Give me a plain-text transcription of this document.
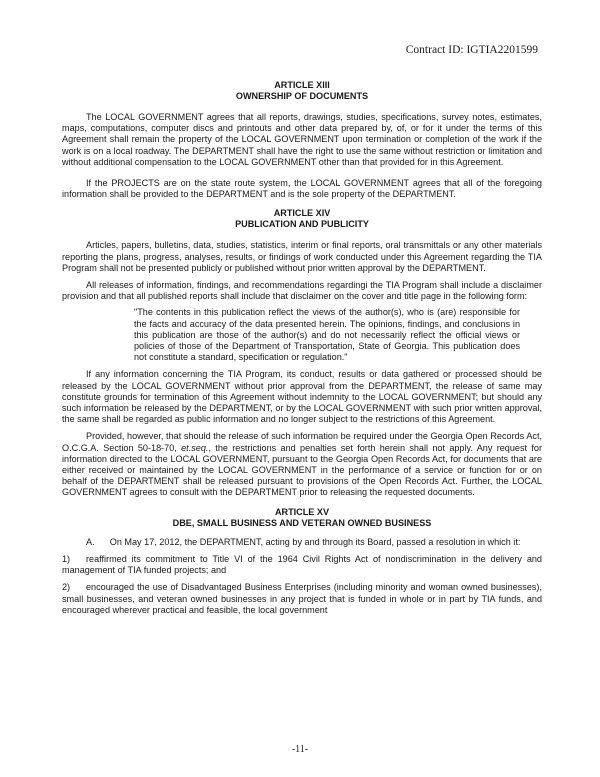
Contract ID: IGTIA2201599
ARTICLE XIII
OWNERSHIP OF DOCUMENTS

The LOCAL GOVERNMENT agrees that all reports, drawings, studies, specifications, survey notes, estimates, maps, computations, computer discs and printouts and other data prepared by, of, or for it under the terms of this Agreement shall remain the property of the LOCAL GOVERNMENT upon termination or completion of the work if the work is on a local roadway. The DEPARTMENT shall have the right to use the same without restriction or limitation and without additional compensation to the LOCAL GOVERNMENT other than that provided for in this Agreement.

If the PROJECTS are on the state route system, the LOCAL GOVERNMENT agrees that all of the foregoing information shall be provided to the DEPARTMENT and is the sole property of the DEPARTMENT.

ARTICLE XIV
PUBLICATION AND PUBLICITY

Articles, papers, bulletins, data, studies, statistics, interim or final reports, oral transmittals or any other materials reporting the plans, progress, analyses, results, or findings of work conducted under this Agreement regarding the TIA Program shall not be presented publicly or published without prior written approval by the DEPARTMENT.

All releases of information, findings, and recommendations regardingi the TIA Program shall include a disclaimer provision and that all published reports shall include that disclaimer on the cover and title page in the following form:

"The contents in this publication reflect the views of the author(s), who is (are) responsible for the facts and accuracy of the data presented herein. The opinions, findings, and conclusions in this publication are those of the author(s) and do not necessarily reflect the official views or policies of those of the Department of Transportation, State of Georgia. This publication does not constitute a standard, specification or regulation."

If any information concerning the TIA Program, its conduct, results or data gathered or processed should be released by the LOCAL GOVERNMENT without prior approval from the DEPARTMENT, the release of same may constitute grounds for termination of this Agreement without indemnity to the LOCAL GOVERNMENT; but should any such information be released by the DEPARTMENT, or by the LOCAL GOVERNMENT with such prior written approval, the same shall be regarded as public information and no longer subject to the restrictions of this Agreement.

Provided, however, that should the release of such information be required under the Georgia Open Records Act, O.C.G.A. Section 50-18-70, et.seq., the restrictions and penalties set forth herein shall not apply. Any request for information directed to the LOCAL GOVERNMENT, pursuant to the Georgia Open Records Act, for documents that are either received or maintained by the LOCAL GOVERNMENT in the performance of a service or function for or on behalf of the DEPARTMENT shall be released pursuant to provisions of the Open Records Act. Further, the LOCAL GOVERNMENT agrees to consult with the DEPARTMENT prior to releasing the requested documents.

ARTICLE XV
DBE, SMALL BUSINESS AND VETERAN OWNED BUSINESS

A. On May 17, 2012, the DEPARTMENT, acting by and through its Board, passed a resolution in which it:

1) reaffirmed its commitment to Title VI of the 1964 Civil Rights Act of nondiscrimination in the delivery and management of TIA funded projects; and

2) encouraged the use of Disadvantaged Business Enterprises (including minority and woman owned businesses), small businesses, and veteran owned businesses in any project that is funded in whole or in part by TIA funds, and encouraged wherever practical and feasible, the local government

-11-
